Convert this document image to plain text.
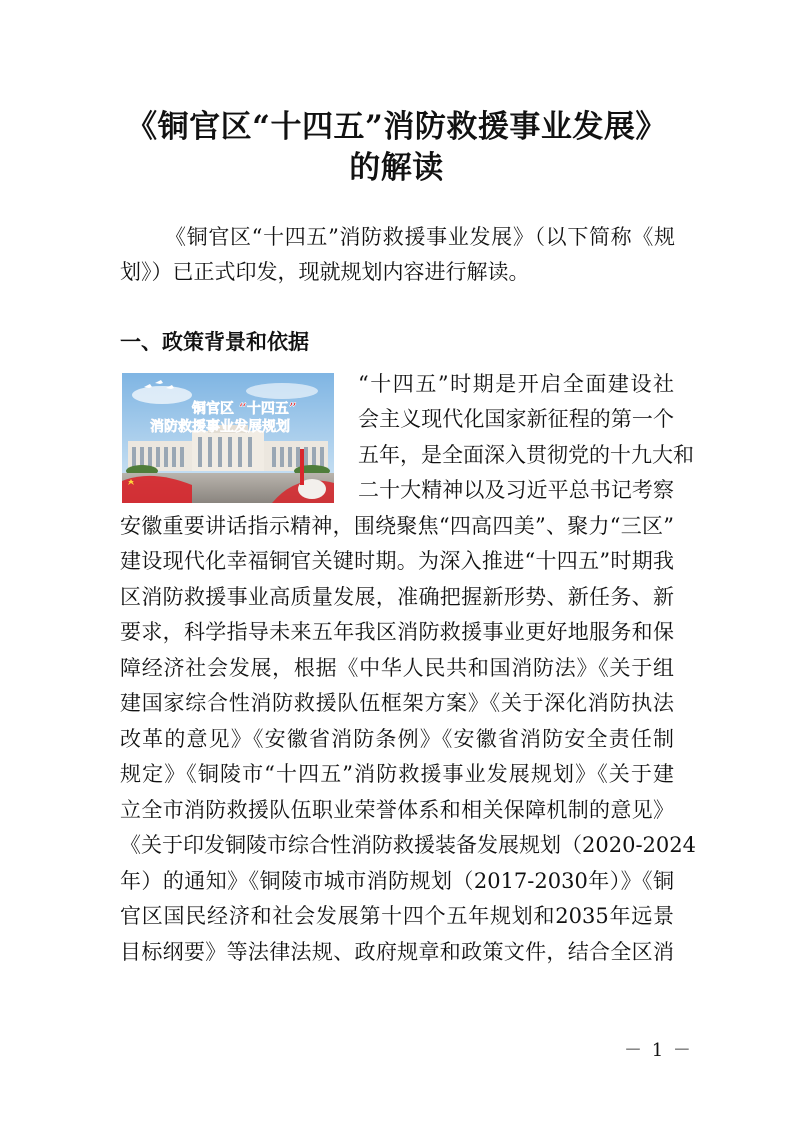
《铜官区“十四五”消防救援事业发展》
的解读
《铜官区“十四五”消防救援事业发展》（以下简称《规
划》）已正式印发，现就规划内容进行解读。
一、政策背景和依据
铜官区 “十四五”
消防救援事业发展规划
“十四五”时期是开启全面建设社
会主义现代化国家新征程的第一个
五年，是全面深入贯彻党的十九大和
二十大精神以及习近平总书记考察
安徽重要讲话指示精神，围绕聚焦“四高四美”、聚力“三区”
建设现代化幸福铜官关键时期。为深入推进“十四五”时期我
区消防救援事业高质量发展，准确把握新形势、新任务、新
要求，科学指导未来五年我区消防救援事业更好地服务和保
障经济社会发展，根据《中华人民共和国消防法》《关于组
建国家综合性消防救援队伍框架方案》《关于深化消防执法
改革的意见》《安徽省消防条例》《安徽省消防安全责任制
规定》《铜陵市“十四五”消防救援事业发展规划》《关于建
立全市消防救援队伍职业荣誉体系和相关保障机制的意见》
《关于印发铜陵市综合性消防救援装备发展规划（2020-2024
年）的通知》《铜陵市城市消防规划（2017-2030年）》《铜
官区国民经济和社会发展第十四个五年规划和2035年远景
目标纲要》等法律法规、政府规章和政策文件，结合全区消
－ 1 －
